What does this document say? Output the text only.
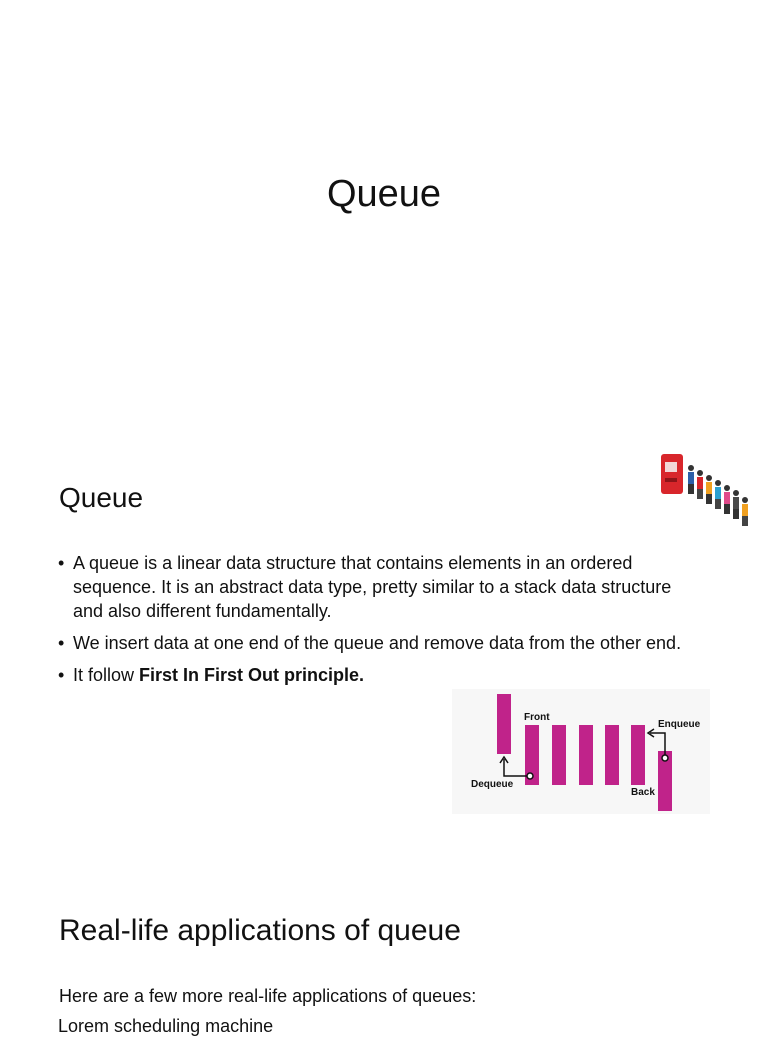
Queue
Queue
• A queue is a linear data structure that contains elements in an ordered sequence. It is an abstract data type, pretty similar to a stack data structure and also different fundamentally.
• We insert data at one end of the queue and remove data from the other end.
• It follow First In First Out principle.
Front
Enqueue
Dequeue
Back
Real-life applications of queue
Here are a few more real-life applications of queues:
Lorem scheduling machine
